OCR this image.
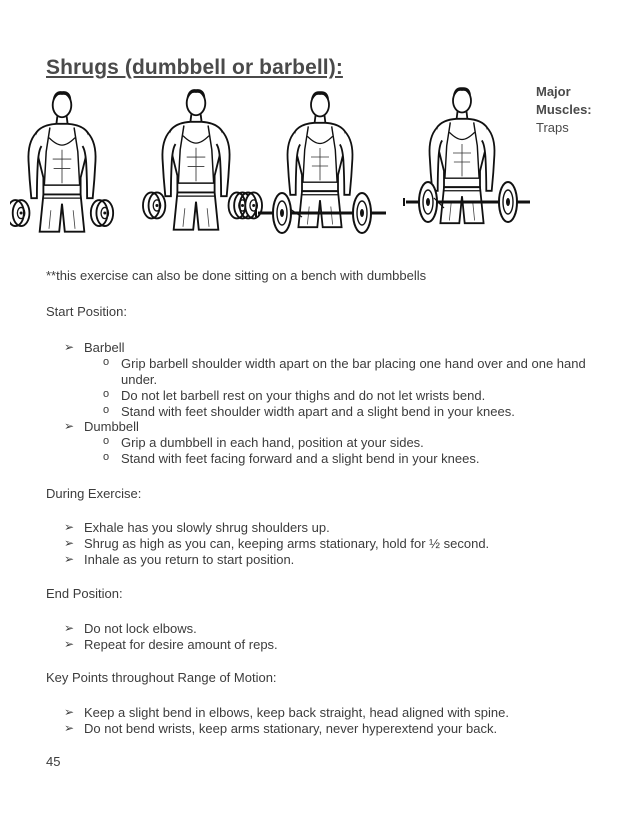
Shrugs (dumbbell or barbell):
Major
Muscles:
Traps

**this exercise can also be done sitting on a bench with dumbbells

Start Position:

➢ Barbell
o Grip barbell shoulder width apart on the bar placing one hand over and one hand
under.
o Do not let barbell rest on your thighs and do not let wrists bend.
o Stand with feet shoulder width apart and a slight bend in your knees.
➢ Dumbbell
o Grip a dumbbell in each hand, position at your sides.
o Stand with feet facing forward and a slight bend in your knees.

During Exercise:

➢ Exhale has you slowly shrug shoulders up.
➢ Shrug as high as you can, keeping arms stationary, hold for ½ second.
➢ Inhale as you return to start position.

End Position:

➢ Do not lock elbows.
➢ Repeat for desire amount of reps.

Key Points throughout Range of Motion:

➢ Keep a slight bend in elbows, keep back straight, head aligned with spine.
➢ Do not bend wrists, keep arms stationary, never hyperextend your back.
45
